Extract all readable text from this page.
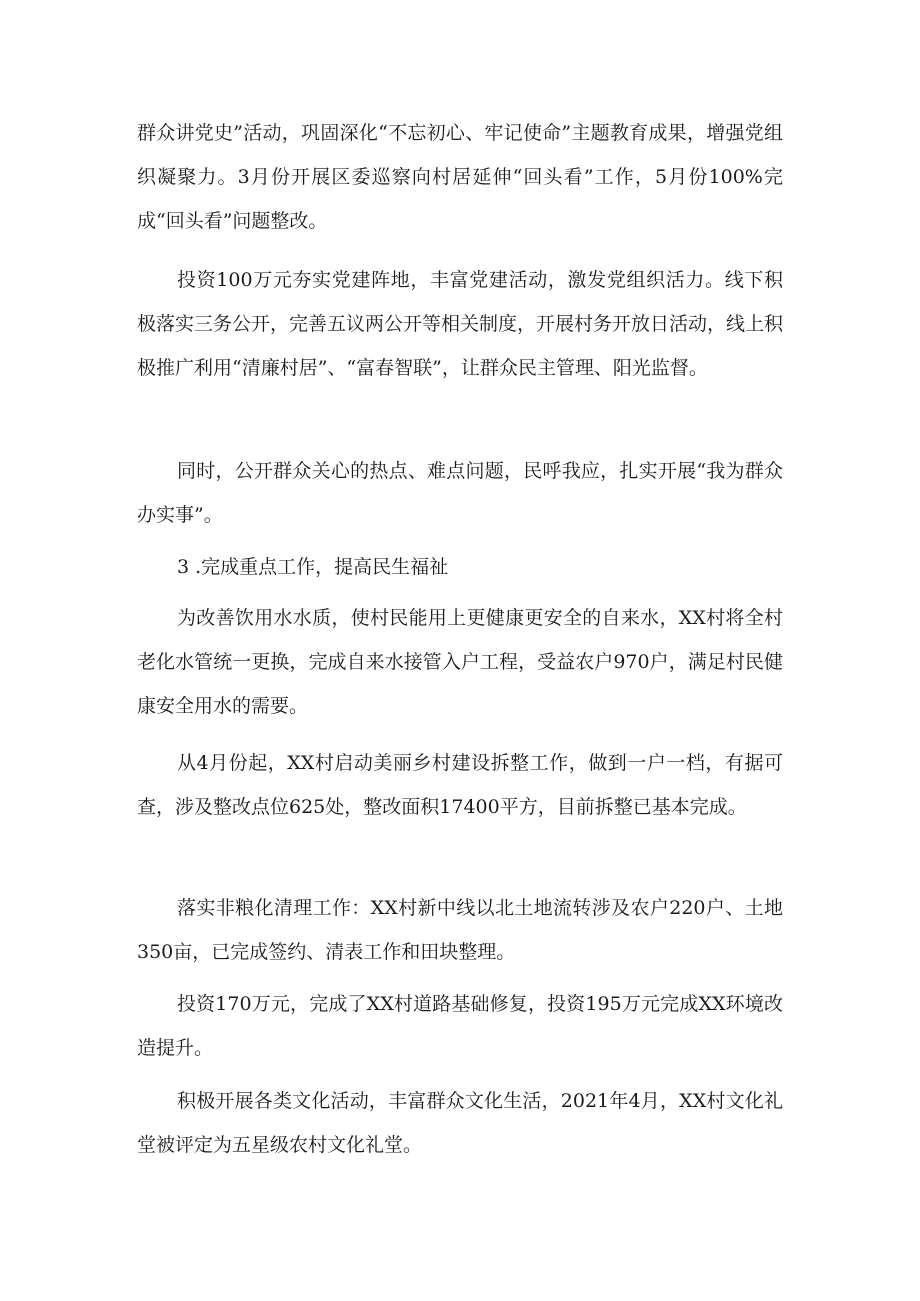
群众讲党史”活动，巩固深化“不忘初心、牢记使命”主题教育成果，增强党组织凝聚力。3月份开展区委巡察向村居延伸“回头看”工作，5月份100%完成“回头看”问题整改。

投资100万元夯实党建阵地，丰富党建活动，激发党组织活力。线下积极落实三务公开，完善五议两公开等相关制度，开展村务开放日活动，线上积极推广利用“清廉村居”、“富春智联”，让群众民主管理、阳光监督。

同时，公开群众关心的热点、难点问题，民呼我应，扎实开展“我为群众办实事”。

3 .完成重点工作，提高民生福祉

为改善饮用水水质，使村民能用上更健康更安全的自来水，XX村将全村老化水管统一更换，完成自来水接管入户工程，受益农户970户，满足村民健康安全用水的需要。

从4月份起，XX村启动美丽乡村建设拆整工作，做到一户一档，有据可查，涉及整改点位625处，整改面积17400平方，目前拆整已基本完成。

落实非粮化清理工作：XX村新中线以北土地流转涉及农户220户、土地350亩，已完成签约、清表工作和田块整理。

投资170万元，完成了XX村道路基础修复，投资195万元完成XX环境改造提升。

积极开展各类文化活动，丰富群众文化生活，2021年4月，XX村文化礼堂被评定为五星级农村文化礼堂。
